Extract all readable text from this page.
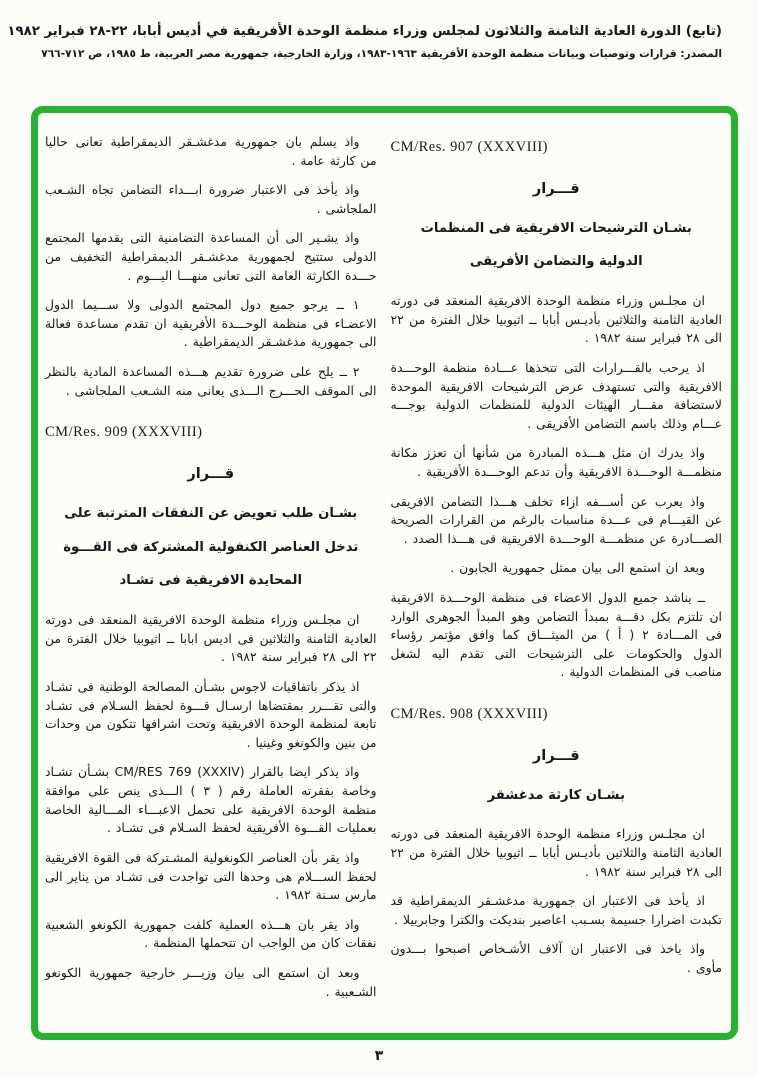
(تابع) الدورة العادية الثامنة والثلاثون لمجلس وزراء منظمة الوحدة الأفريقية في أديس أبابا، ٢٢-٢٨ فبراير ١٩٨٢
المصدر: قرارات وتوصيات وبيانات منظمة الوحدة الأفريقية ١٩٦٣-١٩٨٣، وزارة الخارجية، جمهورية مصر العربية، ط ١٩٨٥، ص ٧١٢-٧٦٦
CM/Res. 907 (XXXVIII)
قـــرار
بشـان الترشيحات الافريقية فى المنظمات
الدولية والتضامن الأفريقى

ان مجلـس وزراء منظمة الوحدة الافريقية المنعقد فى دورته العادية الثامنة والثلاثين بأديـس أبابا ــ اثيوبيا خلال الفترة من ٢٢ الى ٢٨ فبراير سنة ١٩٨٢ .

اذ يرحب بالقـــرارات التى تتخذها عـــادة منظمة الوحـــدة الافريقية والتى تستهدف عرض الترشيحات الافريقية الموحدة لاستضافة مقـــار الهيئات الدولية للمنظمات الدولية بوجـــه عـــام وذلك باسم التضامن الأفريقى .

واذ يدرك ان مثل هـــذه المبادرة من شأنها أن تعزز مكانة منظمـــة الوحـــدة الافريقية وأن تدعم الوحـــدة الأفريقية .

واذ يعرب عن أســـفه ازاء تخلف هـــذا التضامن الافريقى عن القيـــام فى عـــدة مناسبات بالرغم من القرارات الصريحة الصـــادرة عن منظمـــة الوحـــدة الافريقية فى هـــذا الصدد .

وبعد ان استمع الى بيان ممثل جمهورية الجابون .

ــ يناشد جميع الدول الاعضاء فى منظمة الوحـــدة الافريقية ان تلتزم بكل دقـــة بمبدأ التضامن وهو المبدأ الجوهرى الوارد فى المـــادة ٢ ( أ ) من الميثـــاق كما وافق مؤتمر رؤساء الدول والحكومات على الترشيحات التى تقدم اليه لشغل مناصب فى المنظمات الدولية .

CM/Res. 908 (XXXVIII)
قـــرار
بشـان كارثة مدغشقر

ان مجلـس وزراء منظمة الوحدة الافريقية المنعقد فى دورته العادية الثامنة والثلاثين بأديـس أبابا ــ اثيوبيا خلال الفترة من ٢٢ الى ٢٨ فبراير سنة ١٩٨٢ .

اذ يأخذ فى الاعتبار ان جمهورية مدغشـقر الديمقراطية قد تكبدت اضرارا جسيمة بسـبب اعاصير بنديكت والكترا وجابرييلا .

واذ ياخذ فى الاعتبار ان آلاف الأشـخاص اصبحوا بـــدون مأوى .

واذ يسلم بان جمهورية مدغشـقر الديمقراطية تعانى حاليا من كارثة عامة .

واذ يأخذ فى الاعتبار ضرورة ابـــداء التضامن تجاه الشـعب الملجاشى .

واذ يشـير الى أن المساعدة التضامنية التى يقدمها المجتمع الدولى ستتيح لجمهورية مدغشـقر الديمقراطية التخفيف من حـــدة الكارثة العامة التى تعانى منهـــا اليـــوم .

١ ــ يرجو جميع دول المجتمع الدولى ولا ســـيما الدول الاعضـاء فى منظمة الوحـــدة الأفريقية ان تقدم مساعدة فعالة الى جمهورية مدغشـقر الديمقراطية .

٢ ــ يلح على ضرورة تقديم هـــذه المساعدة المادية بالنظر الى الموقف الحـــرج الـــذى يعانى منه الشـعب الملجاشى .

CM/Res. 909 (XXXVIII)
قـــرار
بشـان طلب تعويض عن النفقات المترتبة على
تدخل العناصر الكنفولية المشتركة فى القـــوة
المحايدة الافريقية فى تشـاد

ان مجلـس وزراء منظمة الوحدة الافريقية المنعقد فى دورته العادية الثامنة والثلاثين فى اديس ابابا ــ اثيوبيا خلال الفترة من ٢٢ الى ٢٨ فبراير سنة ١٩٨٢ .

اذ يذكر باتفاقيات لاجوس بشـأن المصالحة الوطنية فى تشـاد والتى تقـــرر بمقتضاها ارسـال قـــوة لحفظ السـلام فى تشـاد تابعة لمنظمة الوحدة الافريقية وتحت اشرافها تتكون من وحدات من بنين والكونغو وغينيا .

واذ يذكر ايضا بالقرار CM/RES 769 (XXXIV) بشـأن تشـاد وخاصة بفقرته العاملة رقم ( ٣ ) الـــذى ينص على موافقة منظمة الوحدة الافريقية على تحمل الاعبـــاء المـــالية الخاصة بعمليات القـــوة الأفريقية لحفظ السـلام فى تشـاد .

واذ يقر بأن العناصر الكونغولية المشـتركة فى القوة الافريقية لحفظ الســـلام هى وحدها التى تواجدت فى تشـاد من يناير الى مارس سـنة ١٩٨٢ .

واذ يقر بان هـــذه العملية كلفت جمهورية الكونغو الشعبية نفقات كان من الواجب ان تتحملها المنظمة .

وبعد ان استمع الى بيان وزيـــر خارجية جمهورية الكونغو الشـعبية .

٣
